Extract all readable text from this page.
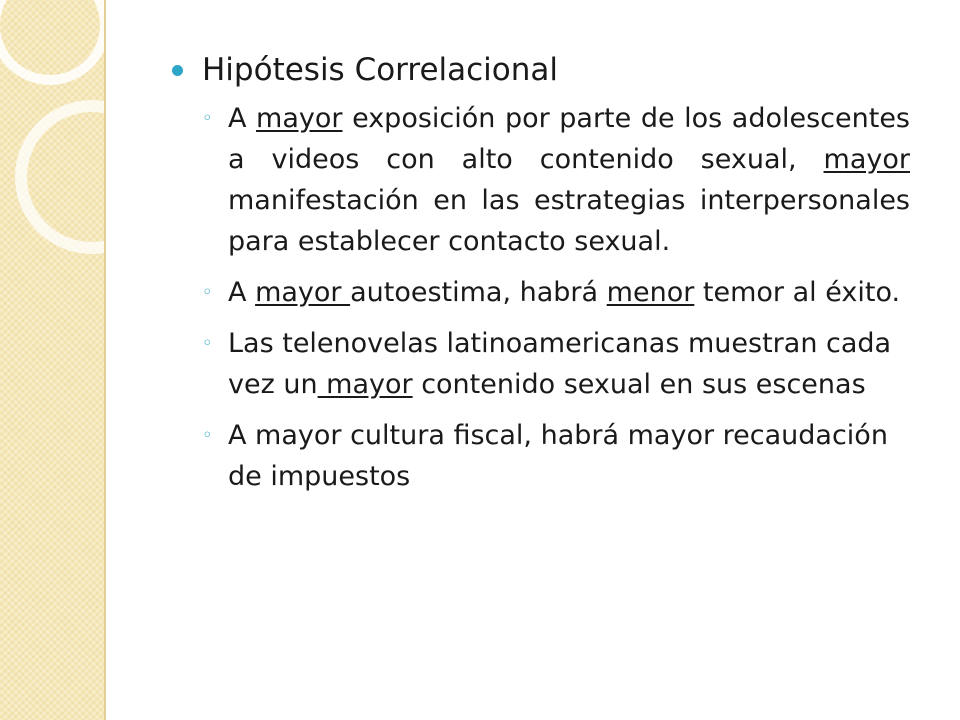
Hipótesis Correlacional
◦ A mayor exposición por parte de los adolescentes a videos con alto contenido sexual, mayor manifestación en las estrategias interpersonales para establecer contacto sexual.
◦ A mayor autoestima, habrá menor temor al éxito.
◦ Las telenovelas latinoamericanas muestran cada vez un mayor contenido sexual en sus escenas
◦ A mayor cultura fiscal, habrá mayor recaudación de impuestos
